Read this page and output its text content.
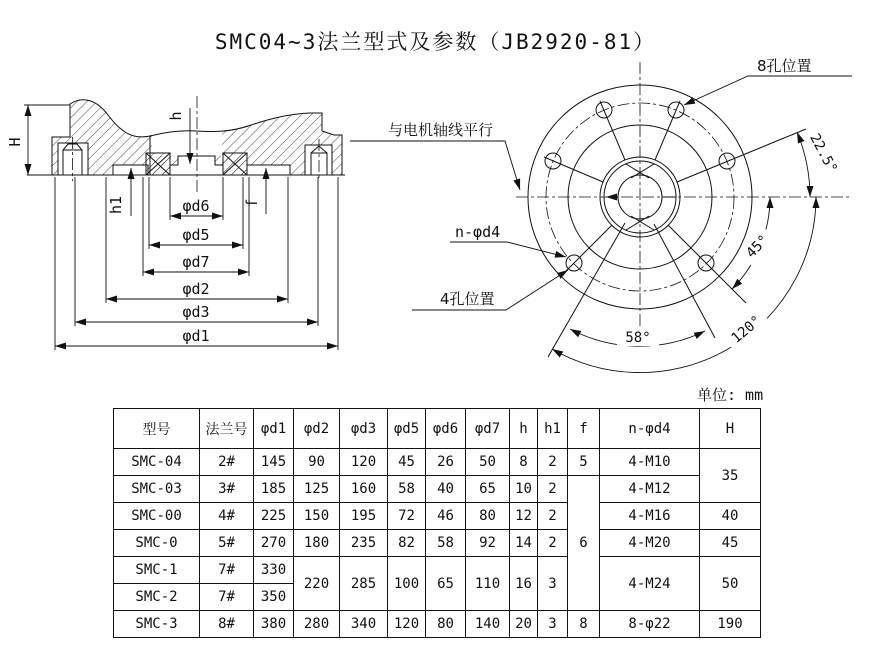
SMC04~3法兰型式及参数（JB2920-81）
H
h
h1	f
φd6
φd5
φd7
φd2
φd3
φd1
22.5°
45°
58°	120°
8孔位置
与电机轴线平行
n-φd4
4孔位置
单位: mm
型号	法兰号	φd1	φd2	φd3	φd5	φd6	φd7	h	h1	f	n-φd4	H
SMC-04	2#	145	90	120	45	26	50	8	2	5	4-M10	35
SMC-03	3#	185	125	160	58	40	65	10	2	6	4-M12	
SMC-00	4#	225	150	195	72	46	80	12	2		4-M16	40
SMC-0	5#	270	180	235	82	58	92	14	2		4-M20	45
SMC-1	7#	330	220	285	100	65	110	16	3		4-M24	50
SMC-2	7#	350										
SMC-3	8#	380	280	340	120	80	140	20	3	8	8-φ22	190
